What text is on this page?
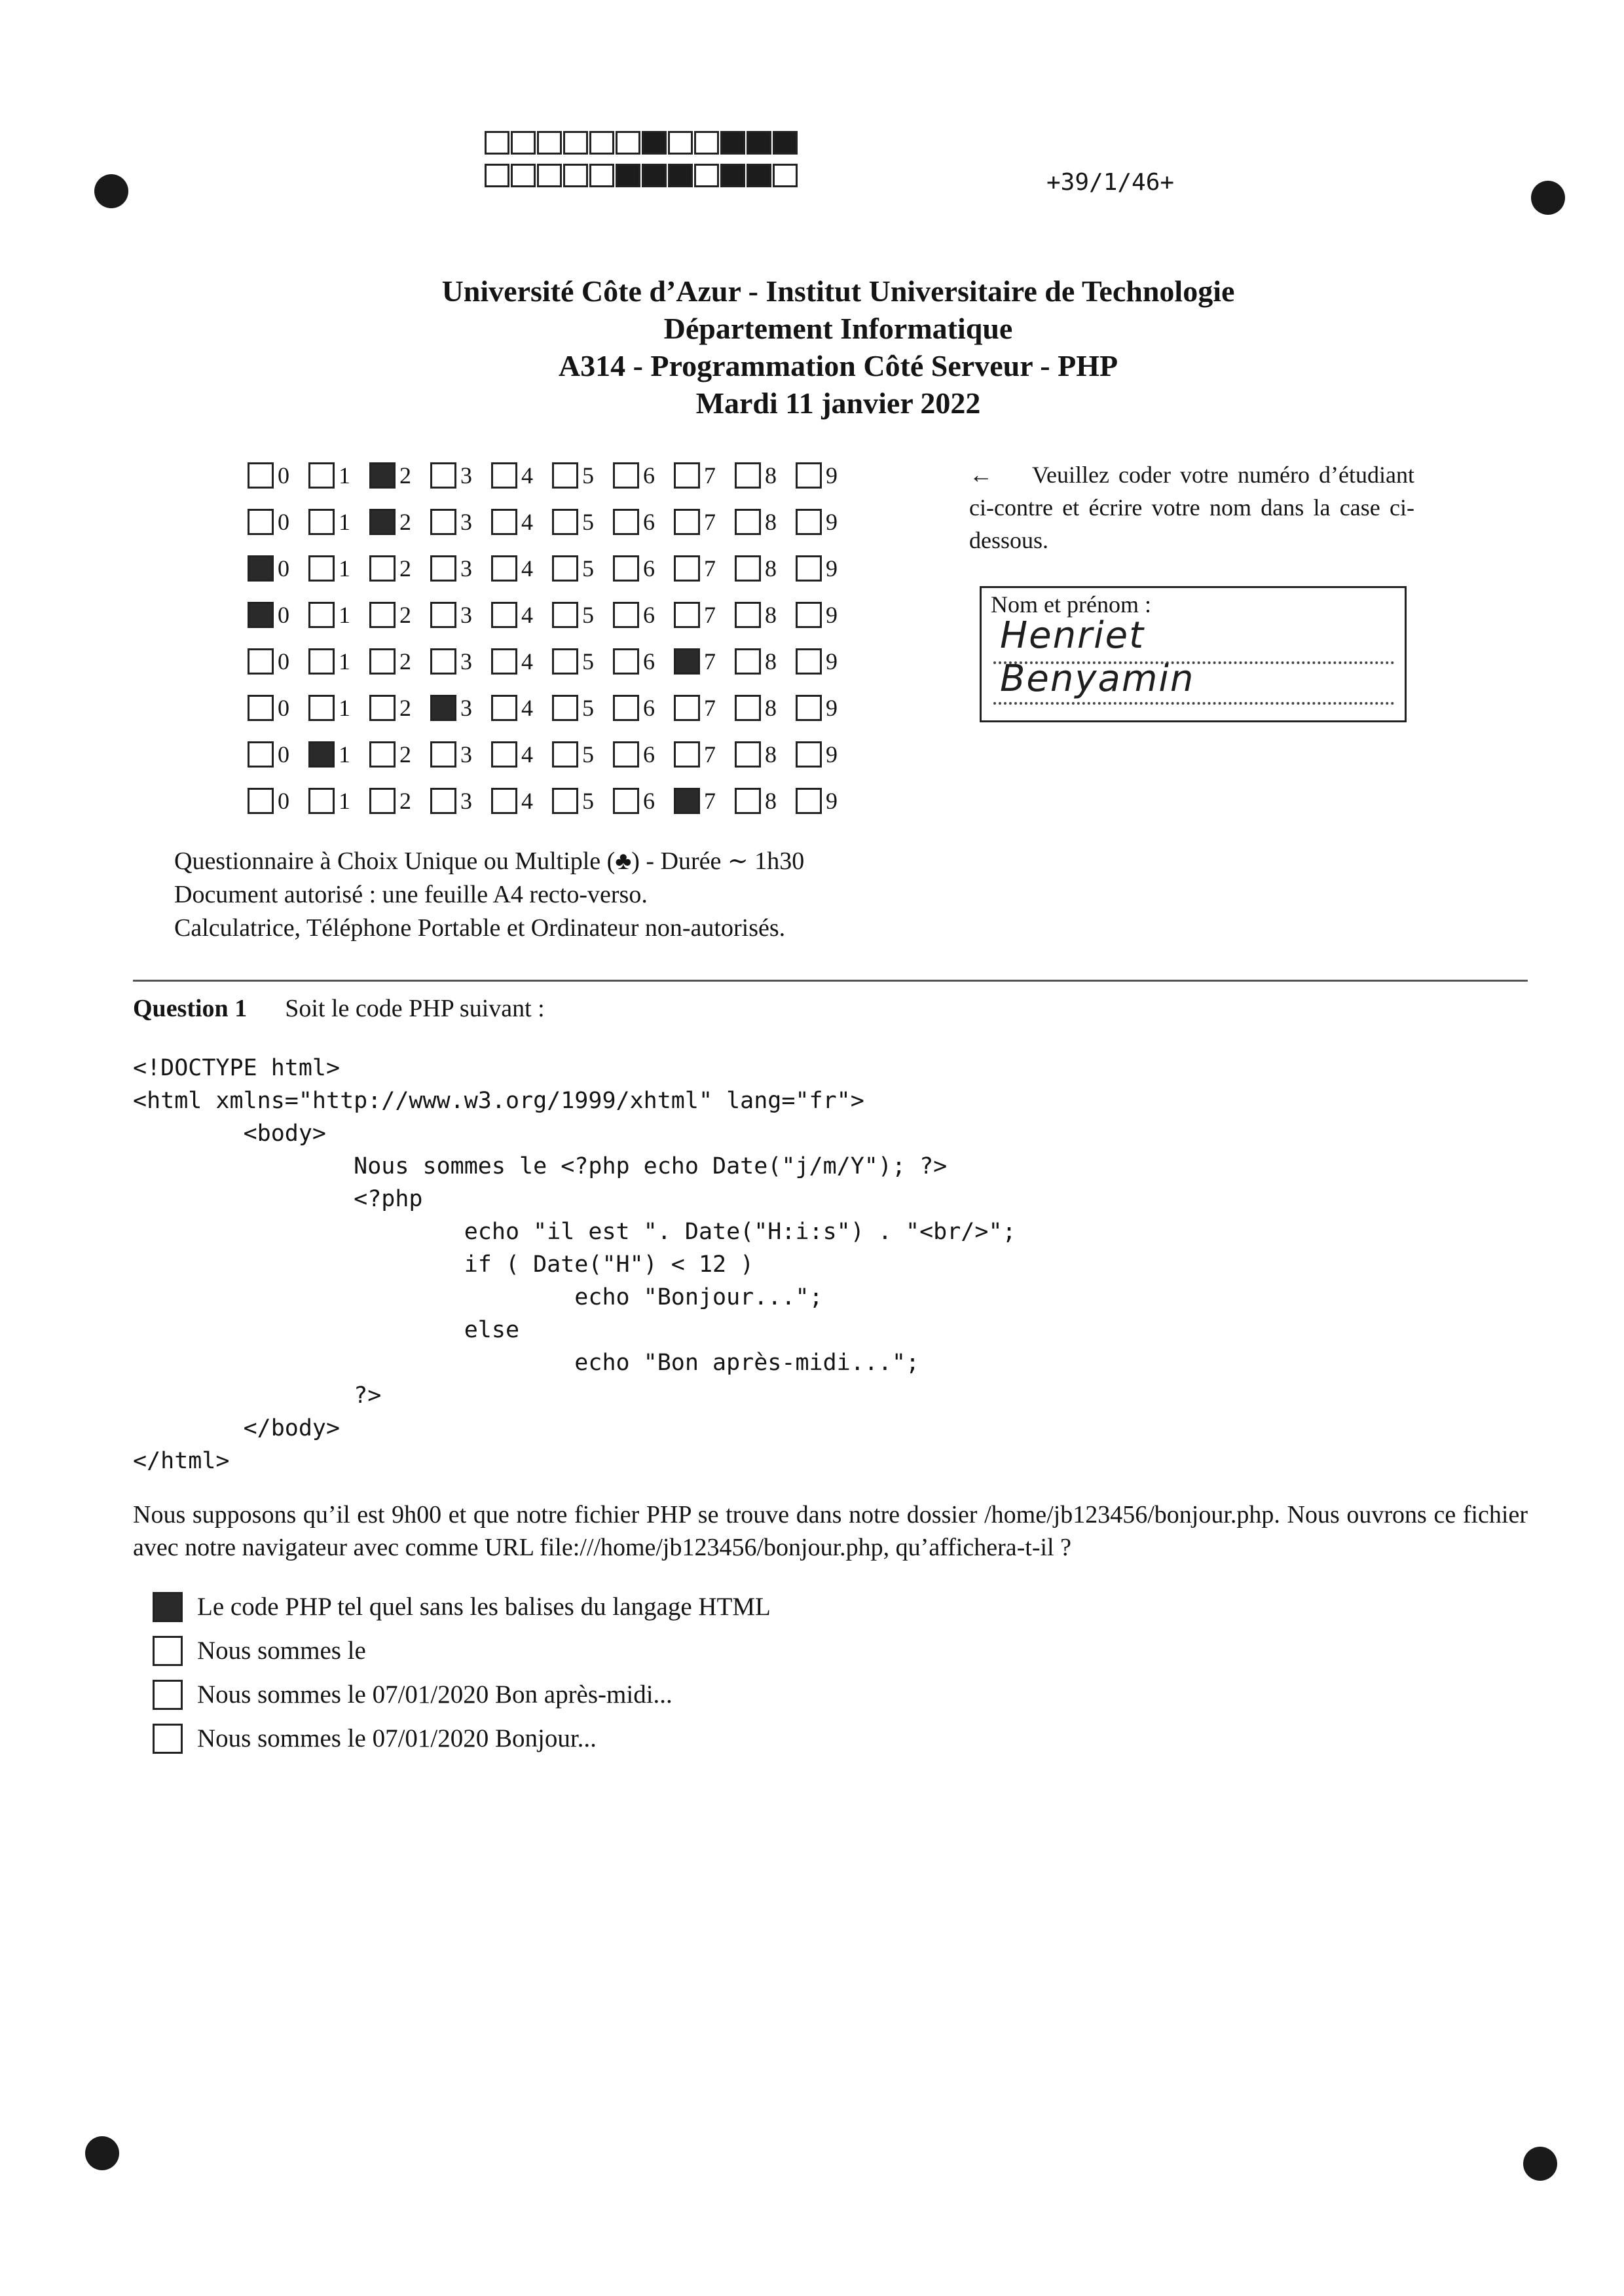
+39/1/46+
Université Côte d’Azur - Institut Universitaire de Technologie
Département Informatique
A314 - Programmation Côté Serveur - PHP
Mardi 11 janvier 2022
0 1 2 3 4 5 6 7 8 9
0 1 2 3 4 5 6 7 8 9
0 1 2 3 4 5 6 7 8 9
0 1 2 3 4 5 6 7 8 9
0 1 2 3 4 5 6 7 8 9
0 1 2 3 4 5 6 7 8 9
0 1 2 3 4 5 6 7 8 9
0 1 2 3 4 5 6 7 8 9
← Veuillez coder votre numéro d’étudiant ci-contre et écrire votre nom dans la case ci-dessous.
Nom et prénom :
Henriet
Benyamin
Questionnaire à Choix Unique ou Multiple (♣) - Durée ∼ 1h30
Document autorisé : une feuille A4 recto-verso.
Calculatrice, Téléphone Portable et Ordinateur non-autorisés.
Question 1 Soit le code PHP suivant :
<!DOCTYPE html>
<html xmlns="http://www.w3.org/1999/xhtml" lang="fr">
<body>
Nous sommes le <?php echo Date("j/m/Y"); ?>
<?php
echo "il est ". Date("H:i:s") . "<br/>";
if ( Date("H") < 12 )
echo "Bonjour...";
else
echo "Bon après-midi...";
?>
</body>
</html>
Nous supposons qu’il est 9h00 et que notre fichier PHP se trouve dans notre dossier /home/jb123456/bonjour.php. Nous ouvrons ce fichier avec notre navigateur avec comme URL file:///home/jb123456/bonjour.php, qu’affichera-t-il ?
Le code PHP tel quel sans les balises du langage HTML
Nous sommes le
Nous sommes le 07/01/2020 Bon après-midi...
Nous sommes le 07/01/2020 Bonjour...
